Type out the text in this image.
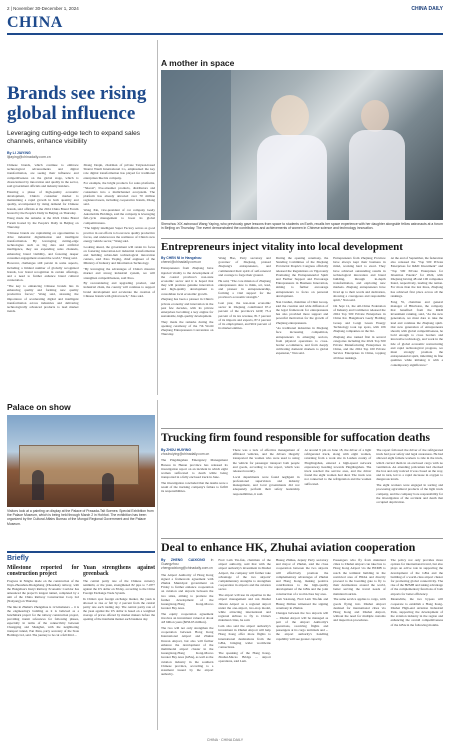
2 | November 30-December 1, 2024	CHINA DAILY
CHINA
Brands see rising global influence
Leveraging cutting-edge tech to expand sales channels, enhance visibility
By LI JIAYING
lijiaying@chinadaily.com.cn

Chinese brands, which continue to embrace technological advancements and digital transformation, are seeing their influence and competitiveness on the global stage, which is characterized by innovation and quality in the sector, said government officials and industry insiders.

Entering a phase of high-quality economic development, China's consumer market is maintaining a rapid growth in both quantity and quality, accompanied by rising demand for Chinese brands, said officials at the 2024 China Brand Forum hosted by the People's Daily in Beijing on Thursday.

Wang made the remarks at the 2024 China Brand Forum hosted by the People's Daily in Beijing on Thursday.

"Chinese brands are capitalizing on opportunities to drive industrial digitalization and intelligent transformation. By leveraging cutting-edge technologies such as big data and artificial intelligence, they are expanding sales channels, enhancing brand visibility, and fostering deeper consumer engagement around the world," Wang said.

However, challenges still persist in some aspects, including a limited number of globally recognized brands, low brand recognition in certain offerings, and a need to further enhance brand cultural connotation.

"The key to enhancing Chinese brands lies in enhancing quality and forming new quality productive forces," Wang said, stressing the importance of accelerating digital and intelligent transformation across industries and delivering technologically advanced products to lead market trends.

Zhang Deqin, chairman of private Taiyuan-based Shanxi Wanli International Co, emphasized the key role digital transformation has played for traditional enterprises like his company.

For example, the bright products for sales platforms, "Shaoxi", live-streamer products, distributors and consumers into a multichannel ecosystem. The platform has already attracted over 70 million registered users, including cooperative brands, Zhang said.

Wang Xin, vice-president of car company Geely Automobile Holdings, said the company is leveraging full-cycle management to boost its global competitiveness.

"The highly intelligent Super Factory serves as good practice in our efforts to boost new quality productive forces, and underscores the resilience of China's new energy vehicle sector," Wang said.

Looking ahead, the government will retain its focus on fostering innovation-led industrial transformation and building urban-hub technological innovation centers, said Xiao Yaqing, chief engineer of the Ministry of Industry and Information Technology.

"By leveraging the advantages of China's massive market and strong industrial system, we will strengthen competitiveness, said Xiao.

By reconsidering and upgrading product, and industrial chain, the country will continue to support brand development and accelerate the creation of Chinese brands with global reach," Xiao said.

A mother in space
Shenzhou XIX astronaut Wang Yaping, who previously gave lessons from space to students on Earth, recalls her space experience with her daughter alongside fellow astronauts at a forum in Beijing on Thursday. The event demonstrated the contributions and achievements of women in Chinese science and technology innovation.
Entrepreneurs inject vitality into local development
By CHEN NI in Hangzhou
chenni@chinadaily.com.cn

Entrepreneurs from Zhejiang have injected vitality to the development of the coastal province's non-state economic sector and it is hoped that they will promote genuine innovation and high-quality development to consolidate local economic growth.

Zhejiang has been a pioneer in China's private economy and innovation in the past few decades, with its private enterprises becoming a key engine for sustainable, high-quality development.

They made the remarks during the opening ceremony of the 7th World Zhejiang Entrepreneurs Convention on Thursday.

Wang Hao, Party secretary and governor of Zhejiang, praised Zhejiang's entrepreneurs, and commended their spirit of self-renewal and courage to forge their ground.

He said, "The core mission of Zhejiang entrepreneurs dare to think, act, lead, and pioneer in entrepreneurship, forming a vital support for the province's economic strength."

Last year, the non-state economic sector in Zhejiang contributed 67.2 percent of the province's GDP, 73.4 percent of its tax revenue, 81.7 percent of its imports and exports, 87.2 percent of its employment, and 96.9 percent of its market entities.

During the opening ceremony, the Standing Committee of the Zhejiang Provincial People's Congress officially released the Regulations on Vigorously Promoting the Entrepreneurial Spirit and Further Support and Encourage Entrepreneurs in Business Innovation, aiming to further encourage entrepreneurs to focus on personal development.

Nan Cunhui, chairman of Chint Group, said the creation and wide diffusion of the legal framework for entrepreneurs has also provided more support and powerful motivation for the growth of Zhejiang entrepreneurs.

"As traditional industries in Zhejiang face increasing competition, entrepreneurs in emerging sectors, from physical operations to cross-border e-commerce, and from deeply cultivating domestic markets to global expansion," Nan said.

Entrepreneurs from Zhejiang Province have always kept their business in mind, working hard to excel. They have achieved outstanding results in technological innovation and brand building, through in-depth transformation, and exploring new markets. Zhejiang entrepreneurs have lived up to their words and dedication, showing a courageous and responsible spirit," Nan said.

On Sept 12, the All-China Federation of Industry and Commerce released the 2024 Top 500 Private Enterprises in China list. Hangzhou's Geely Holding Group and Longi Green Energy Technology took top spots, with 106 Zhejiang companies on the list.

Zhejiang also ranked first in several categories including the 2024 Top 500 Private Manufacturing Enterprises in China, and the 2024 Top 100 Private Service Enterprises in China, topping all three rankings.

At the end of September, the federation also released the "Top 500 Private Enterprises for R&D Investment" and "Top 500 Private Enterprises for Invention Patents" for 2024, with Zhejiang having 48 and 106 companies listed, respectively, leading the nation. For more than the last three, Zhejiang has achieved first place across all the rankings.

Feng Yi, chairman and general manager of Hikvision, the company that benefited from the R&D investment ranking, said, "As the new generation, we must dare to take the lead and continue the Zhejiang spirit. Our new generation of entrepreneurs should, with global competitiveness, be bold enough to cross borders and innovative technology, and work in the tide of global economic restructuring and rapid technological progress, we must strongly promote the entrepreneurial spirit, inheriting its fine qualities while imbuing it with a contemporary significance."

Palace on show
Visitors look at a painting on display at the Palace of Prasada-Tsit Scenes: Special Exhibition from the Palace Museum, which is being held through March 2 in Hohhot. The exhibition has been organized by the Cultural Affairs Bureau of the Mongol Regional Government and the Palace Museum.
Trucking firm found responsible for suffocation deaths
By ZHOU HUIYING
zhouhuiying@chinadaily.com.cn

The Pingdingshan Emergency Management Bureau in Henan province has released its investigation report on an incident in which eight women suffocated to death while being transported in a fully enclosed truck in June.

The investigation concluded that the deaths were a result of the trucking company's failure to fulfill its responsibilities.

There was a lack of effective management of affiliated vehicles, and the drivers illegally transported the women who were used to using the vehicle for passenger transport both people and goods, according to the report, which was released recently.

Local departments were found negligent in professional supervision and industry management, and local governments did not adequately perform their safety leadership responsibilities, it said.

At around 9 pm on June 18, the driver of a light refrigerated truck, along with eight women, returning from a work site in Lushan county of Pingdingshan, entered a high-speed network expressway heading towards Pingdingshan. The truck reached the service area, and the driver found the eight women had died. The truck was not connected to the refrigeration and the women suffocated.

The report followed the driver of the refrigerated truck had poor safety and legal awareness. He had allowed eight female workers to ride in the truck, which carried them in an enclosed cargo with no ventilation. An attending policeman had checked the box and only noticed it was closed on the way, and in turn, led to a rapid decrease in oxygen to dangerous levels.

The eight workers were engaged in sorting and processing agricultural products of the light truck company, and the company bore responsibility for the investigation of the accident and death that occupied deprivation.

Deal to enhance HK, Zhuhai aviation cooperation
By ZHENG CAIXIONG in Guangzhou
zhengcaixiong@chinadaily.com.cn

The Airport Authority of Hong Kong signed a framework agreement with Zhuhai Municipal government on Friday to further enhance cooperation on aviation and airports between the two sides, aiming to promote the further development of the Guangdong-Hong Kong-Macao Greater Bay Area.

The equity cooperation agreement involves an investment valued at about 4.8 billion yuan ($656.65 million).

The two will not only strengthen the cooperation between Hong Kong International Airport and Zhuhai Jinwan Airport, but also will further enhance the development of the multimodal airport cluster in the Guangdong-Hong Kong-Macao Greater Bay Area (GBA), as well as the aviation industry in the southern Chinese province, according to a statement issued by the airport authority.

Fred Lam Tin-fuk, chairman of the airport authority, said that with the airport authority's investment in Zhuhai Airport, the company will further take advantage of the two airports' complementary strengths to strengthen cooperation in airports and the aviation sector.

The airport will use its expertise in the airport management and run Zhuhai Jinwan Airport as a regional airport under the one-airport, two-stop model, while attracting international and regional airlines to fly to China's mainland cities, he said.

Lam also said the airport authority's investment in Zhuhai Airport will help Hong Kong offer more flights to international destinations from the GBA, bringing wider worldwide connections.

The speaking of the Hong Kong-Zhuhai-Macao Bridge ... airport operations, said Lam.

Huang Zhihua, deputy Party secretary and mayor of Zhuhai, said the close cooperation between the two airports will effectively promote the complementary advantages of Zhuhai and Hong Kong, making positive contributions to the high-quality development of the GBA and the joint construction of a world-class bay area.

Lam Sai-hung, Fred Lam Tin-fuk and Huang Zhihua witnessed the signing ceremony in Zhuhai.

Changes between the two airports will ... Zhuhai Airport will be managed as part of the Airport Authority's operations, receiving flights and passengers at its cargo terminals and ... the airport authority's handling capability will see greater capacity.

Passengers who fly from mainland cities to Zhuhai Airport can take bus to Hong Kong Airport via the HZMB to reach the terminal building in the restricted area of HKIA and directly proceed to the boarding gate to fly to their destinations around the world, better serving the travel needs of mainland tourists.

The same service applies to cargo, with goods flying into Zhuhai Airport destined for international cities via Hong Kong and Zhuhai Airport, without the need for multiple customs and inspection procedures.

The policy not only provides more options for international travel, but also plays an active role in supporting the development of the GBA and the building of a world-class airport cluster for promoting global connectivity. The rise of the HZMB and taking advantage of the complementary functions of both airports for better efficiency.

Meanwhile, the two bypass will cooperate to establish a Hong Kong-Zhuhai High-end Aviation Industrial Park, supporting the development of the aviation industry in the region and enhancing the overall competitiveness of the GBA in the following months.

Briefly
Milestone reported for construction project

Progress in Ningbo made on the construction of the Jinyu-Zhoushan-Zhongshang (Zhoushan) railway, with the Hangzhou's Kuiyi Railway Economic Corridor has announced the project's longest tunnel, completed by a unit of the China Railway Construction Corp Ltd (Nanyang) on Thursday.

The line in Zhuhai's Zhengzhou is 12 kilometers ... it is the engineering's building as it is believed as a benchmark project for the railway construction project, providing transit references for following phases, especially in terms of the connectivity between Chongqing and Shanghai, with the neighboring transport tunnel, Pan Xinu, party secretary of the State Holdings Ltd, said. The journey to be cut a full third ...

Yuan strengthens against greenback

The central parity rate of the Chinese currency renminbi, or the yuan, strengthened 82 pips to 7.1877 against the US dollar on Friday, according to the China Foreign Exchange Trade System.

In China's spot foreign exchange market, the yuan is allowed to rise or fall by 2 percent from the central parity rate each trading day. The central parity rate of the yuan against the US dollar is based on a weighted average of prices offered by market makers before the opening of the interbank market each business day.

CHINA · CHINA DAILY
